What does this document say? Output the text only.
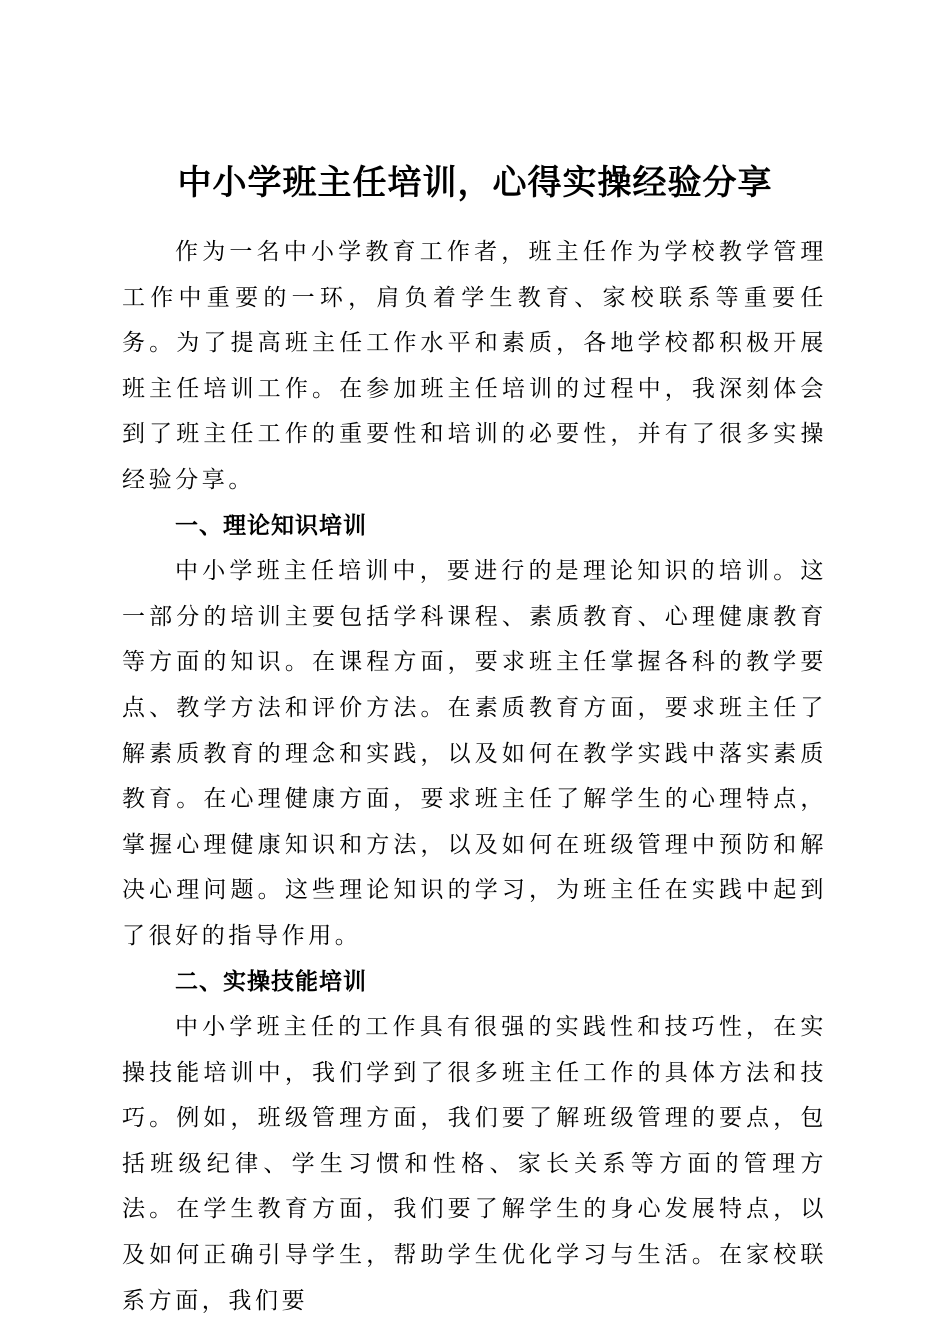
中小学班主任培训，心得实操经验分享

作为一名中小学教育工作者，班主任作为学校教学管理工作中重要的一环，肩负着学生教育、家校联系等重要任务。为了提高班主任工作水平和素质，各地学校都积极开展班主任培训工作。在参加班主任培训的过程中，我深刻体会到了班主任工作的重要性和培训的必要性，并有了很多实操经验分享。

一、理论知识培训

中小学班主任培训中，要进行的是理论知识的培训。这一部分的培训主要包括学科课程、素质教育、心理健康教育等方面的知识。在课程方面，要求班主任掌握各科的教学要点、教学方法和评价方法。在素质教育方面，要求班主任了解素质教育的理念和实践，以及如何在教学实践中落实素质教育。在心理健康方面，要求班主任了解学生的心理特点，掌握心理健康知识和方法，以及如何在班级管理中预防和解决心理问题。这些理论知识的学习，为班主任在实践中起到了很好的指导作用。

二、实操技能培训

中小学班主任的工作具有很强的实践性和技巧性，在实操技能培训中，我们学到了很多班主任工作的具体方法和技巧。例如，班级管理方面，我们要了解班级管理的要点，包括班级纪律、学生习惯和性格、家长关系等方面的管理方法。在学生教育方面，我们要了解学生的身心发展特点，以及如何正确引导学生，帮助学生优化学习与生活。在家校联系方面，我们要
